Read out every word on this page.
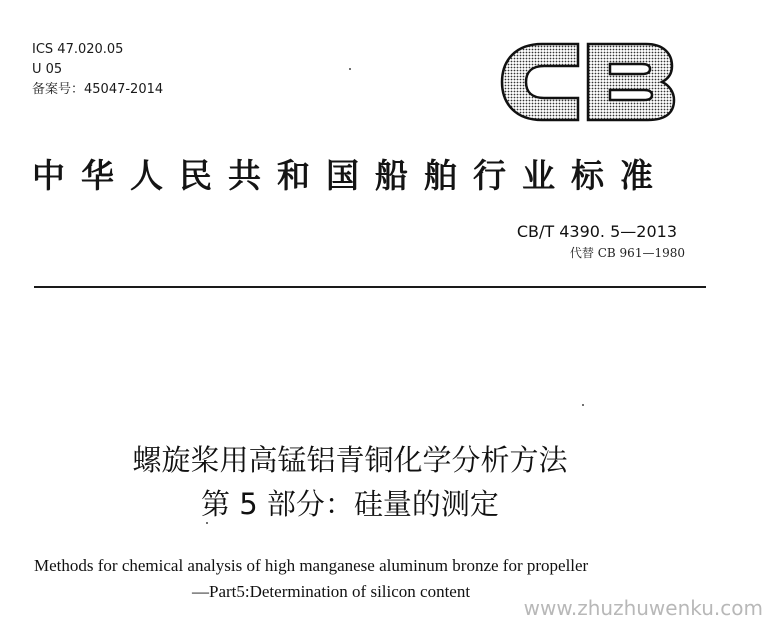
ICS 47.020.05
U 05
备案号：45047-2014
中华人民共和国船舶行业标准
CB/T 4390. 5—2013
代替 CB 961—1980
螺旋桨用高锰铝青铜化学分析方法
第 5 部分：硅量的测定
Methods for chemical analysis of high manganese aluminum bronze for propeller
—Part5:Determination of silicon content
www.zhuzhuwenku.com
